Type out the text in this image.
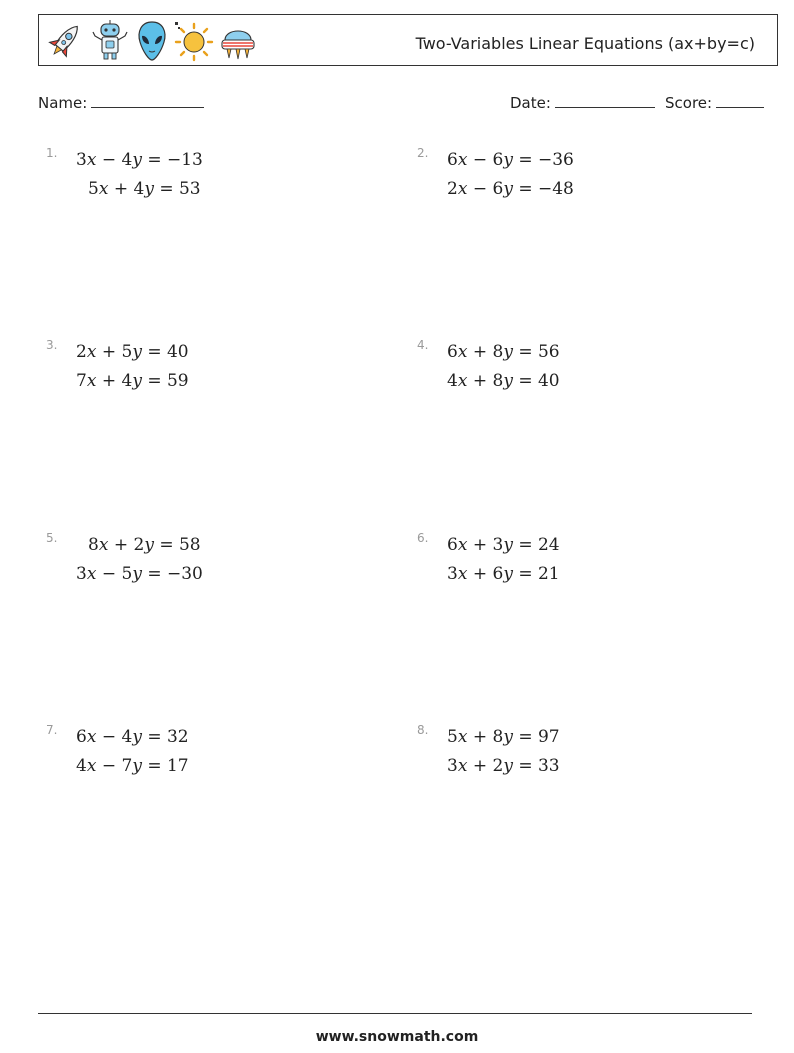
Two-Variables Linear Equations (ax+by=c)
Name:	Date:	Score:
1. 3x − 4y = −13
5x + 4y = 53
2. 6x − 6y = −36
2x − 6y = −48
3. 2x + 5y = 40
7x + 4y = 59
4. 6x + 8y = 56
4x + 8y = 40
5. 8x + 2y = 58
3x − 5y = −30
6. 6x + 3y = 24
3x + 6y = 21
7. 6x − 4y = 32
4x − 7y = 17
8. 5x + 8y = 97
3x + 2y = 33
www.snowmath.com
